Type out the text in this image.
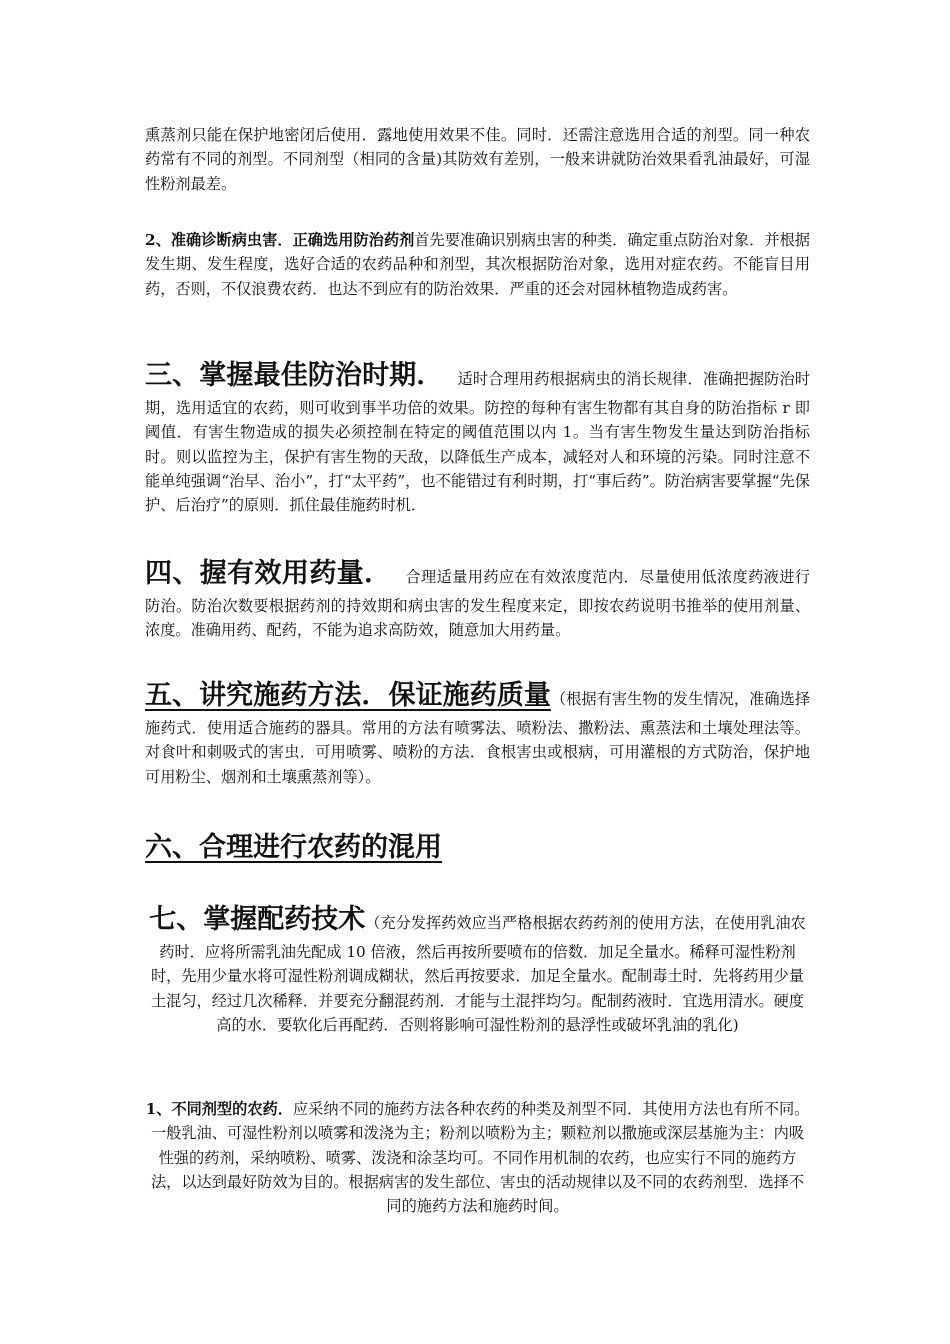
熏蒸剂只能在保护地密闭后使用．露地使用效果不佳。同时．还需注意选用合适的剂型。同一种农药常有不同的剂型。不同剂型（相同的含量)其防效有差别，一般来讲就防治效果看乳油最好，可湿性粉剂最差。
2、准确诊断病虫害．正确选用防治药剂首先要准确识别病虫害的种类．确定重点防治对象．并根据发生期、发生程度，选好合适的农药品种和剂型，其次根据防治对象，选用对症农药。不能盲目用药，否则，不仅浪费农药．也达不到应有的防治效果．严重的还会对园林植物造成药害。
三、掌握最佳防治时期． 适时合理用药根据病虫的消长规律．准确把握防治时期，选用适宜的农药，则可收到事半功倍的效果。防控的每种有害生物都有其自身的防治指标 r 即阈值．有害生物造成的损失必须控制在特定的阈值范围以内 1。当有害生物发生量达到防治指标时。则以监控为主，保护有害生物的天敌，以降低生产成本，减轻对人和环境的污染。同时注意不能单纯强调“治早、治小”，打“太平药”，也不能错过有利时期，打“事后药”。防治病害要掌握“先保护、后治疗”的原则．抓住最佳施药时机．
四、握有效用药量． 合理适量用药应在有效浓度范内．尽量使用低浓度药液进行防治。防治次数要根据药剂的持效期和病虫害的发生程度来定，即按农药说明书推举的使用剂量、浓度。准确用药、配药，不能为追求高防效，随意加大用药量。
五、讲究施药方法．保证施药质量（根据有害生物的发生情况，准确选择施药式．使用适合施药的器具。常用的方法有喷雾法、喷粉法、撒粉法、熏蒸法和土壤处理法等。对食叶和刺吸式的害虫．可用喷雾、喷粉的方法．食根害虫或根病，可用灌根的方式防治，保护地可用粉尘、烟剂和土壤熏蒸剂等）。
六、合理进行农药的混用
七、掌握配药技术（充分发挥药效应当严格根据农药药剂的使用方法，在使用乳油农药时．应将所需乳油先配成 10 倍液，然后再按所要喷布的倍数．加足全量水。稀释可湿性粉剂时，先用少量水将可湿性粉剂调成糊状，然后再按要求．加足全量水。配制毒土时．先将药用少量土混匀，经过几次稀释．并要充分翻混药剂．才能与土混拌均匀。配制药液时．宜选用清水。硬度高的水．要软化后再配药．否则将影响可湿性粉剂的悬浮性或破坏乳油的乳化)
1、不同剂型的农药．应采纳不同的施药方法各种农药的种类及剂型不同．其使用方法也有所不同。一般乳油、可湿性粉剂以喷雾和泼浇为主；粉剂以喷粉为主；颗粒剂以撒施或深层基施为主：内吸性强的药剂，采纳喷粉、喷雾、泼浇和涂茎均可。不同作用机制的农药，也应实行不同的施药方法，以达到最好防效为目的。根据病害的发生部位、害虫的活动规律以及不同的农药剂型．选择不同的施药方法和施药时间。
